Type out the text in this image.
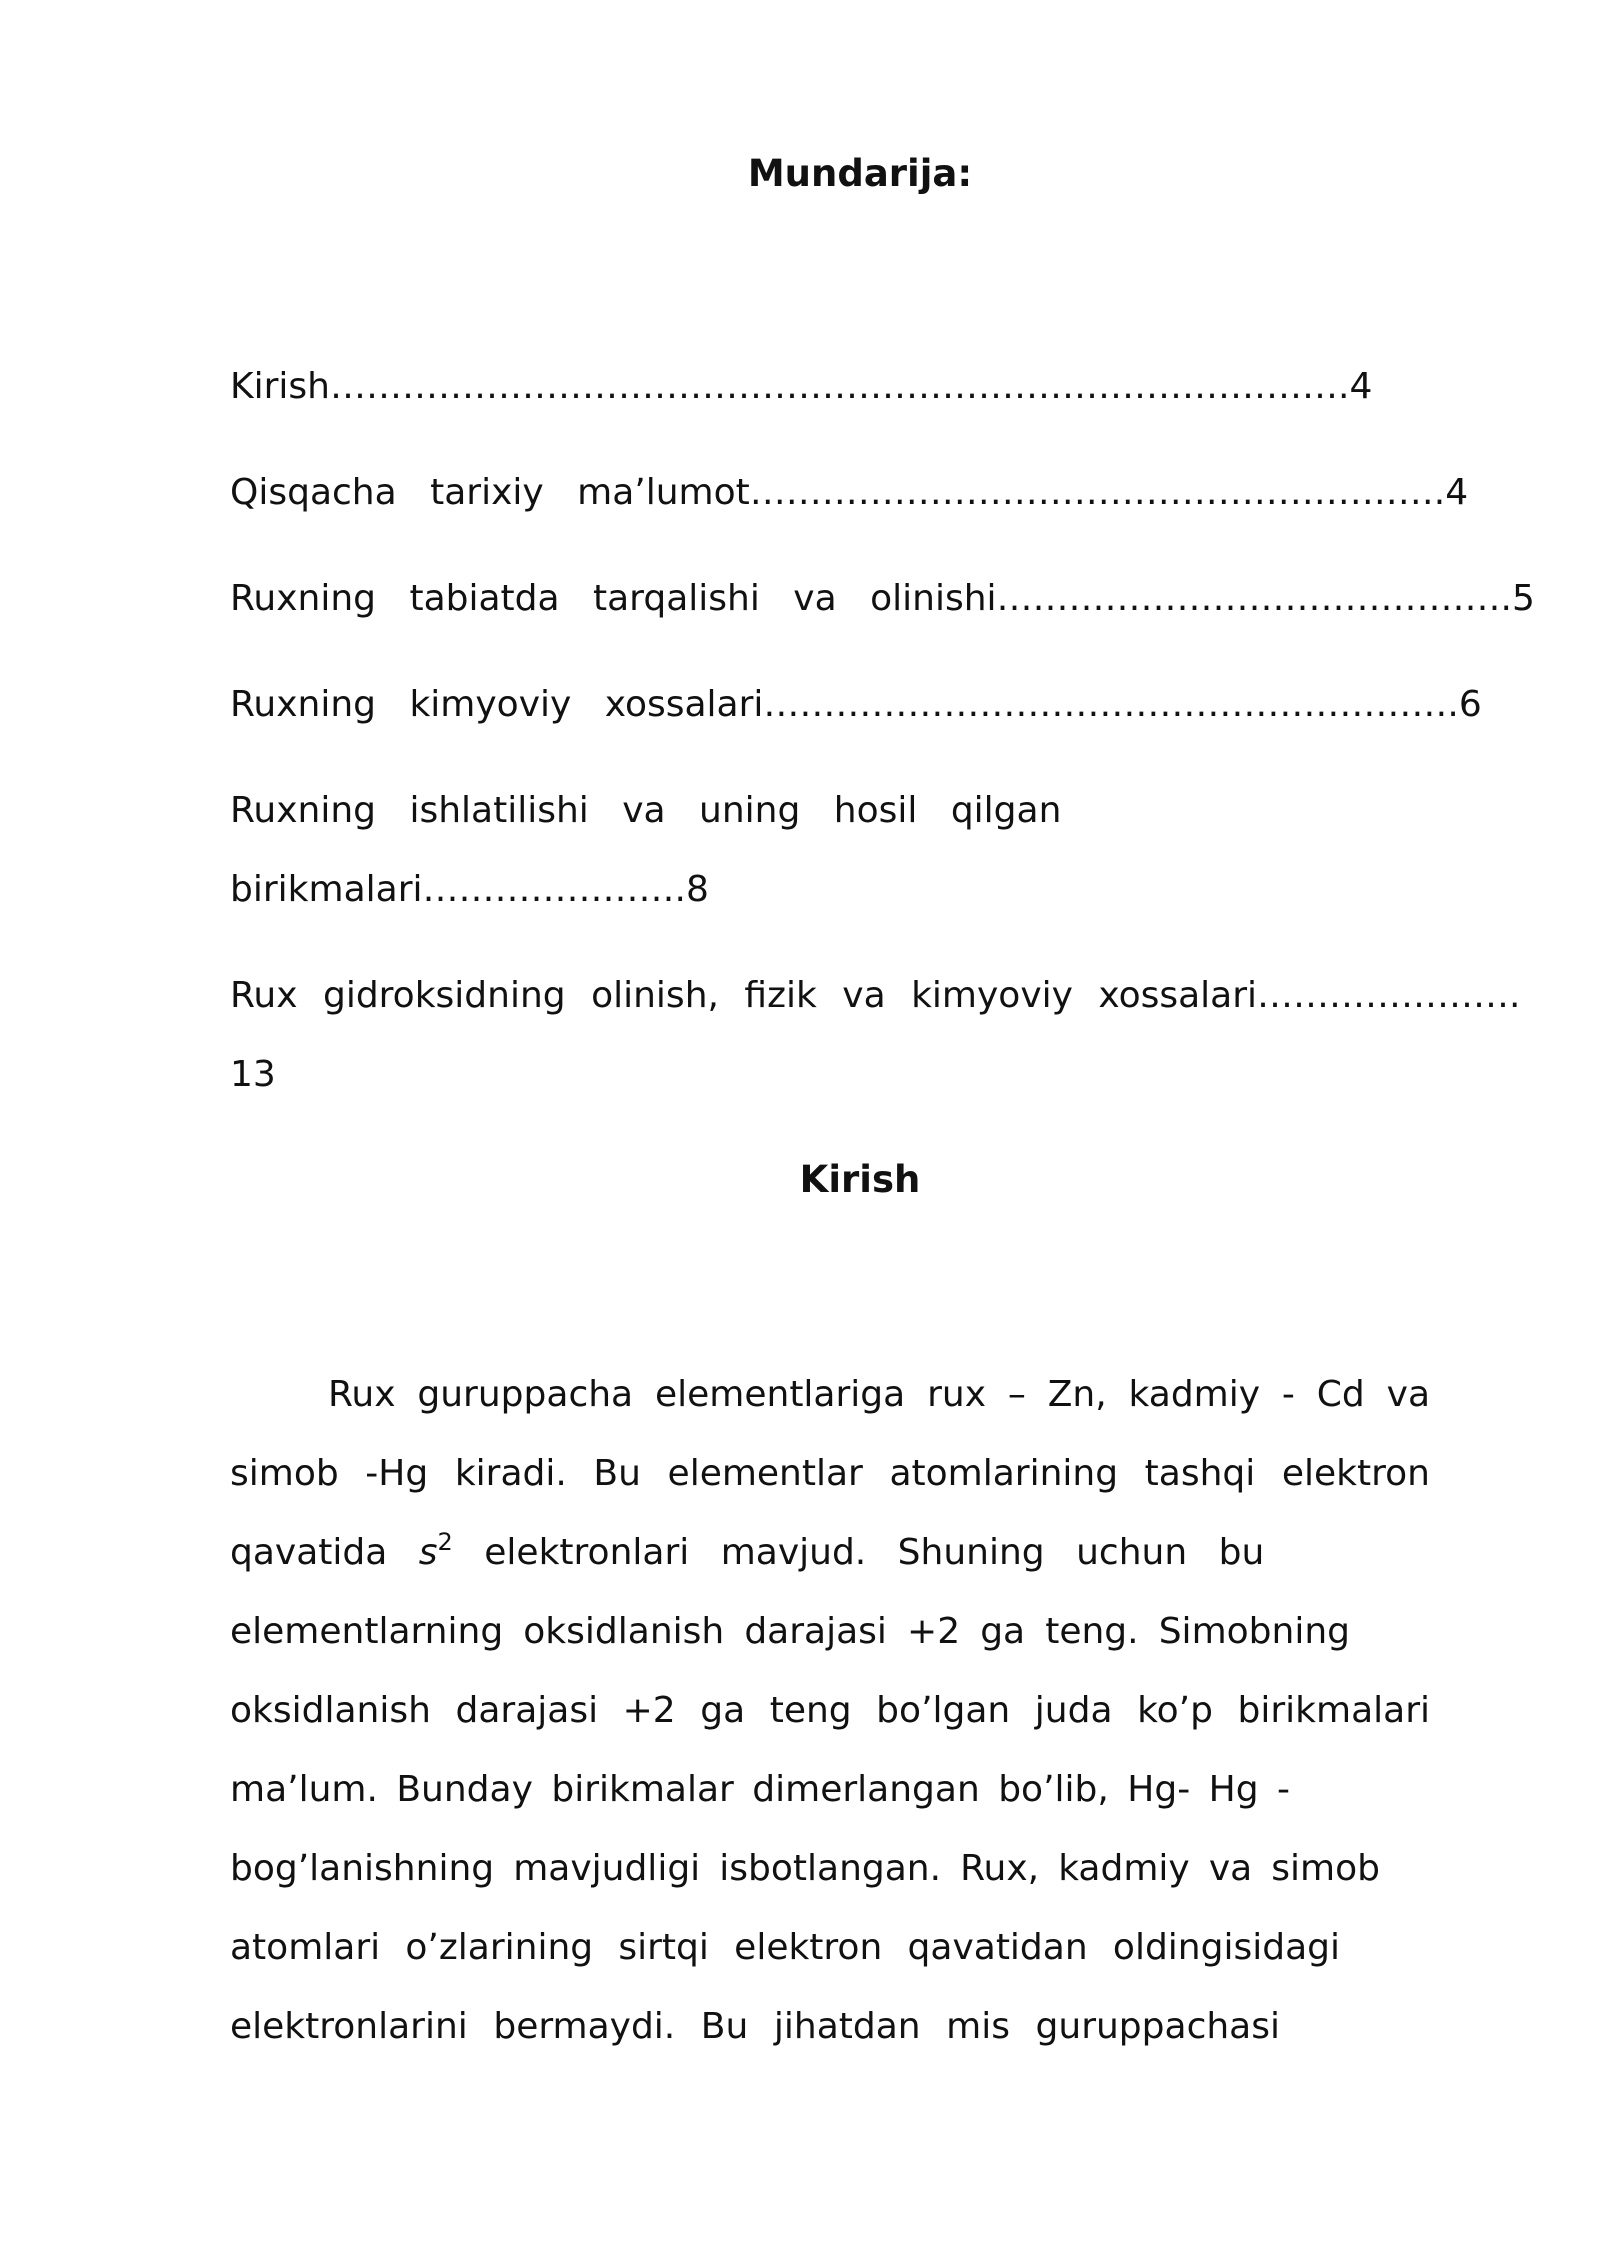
Mundarija:

Kirish………………………………………………………………………….4

Qisqacha tarixiy ma’lumot………………………………………………….4

Ruxning tabiatda tarqalishi va olinishi…………………………………….5

Ruxning kimyoviy xossalari………………………………………………….6

Ruxning ishlatilishi va uning hosil qilgan

birikmalari………………….8

Rux gidroksidning olinish, fizik va kimyoviy xossalari………………….

13

Kirish

Rux guruppacha elementlariga rux – Zn, kadmiy - Cd va

simob -Hg kiradi. Bu elementlar atomlarining tashqi elektron

qavatida $s^2$ elektronlari mavjud. Shuning uchun bu

elementlarning oksidlanish darajasi +2 ga teng. Simobning

oksidlanish darajasi +2 ga teng bo’lgan juda ko’p birikmalari

ma’lum. Bunday birikmalar dimerlangan bo’lib, Hg- Hg -

bog’lanishning mavjudligi isbotlangan. Rux, kadmiy va simob

atomlari o’zlarining sirtqi elektron qavatidan oldingisidagi

elektronlarini bermaydi. Bu jihatdan mis guruppachasi
